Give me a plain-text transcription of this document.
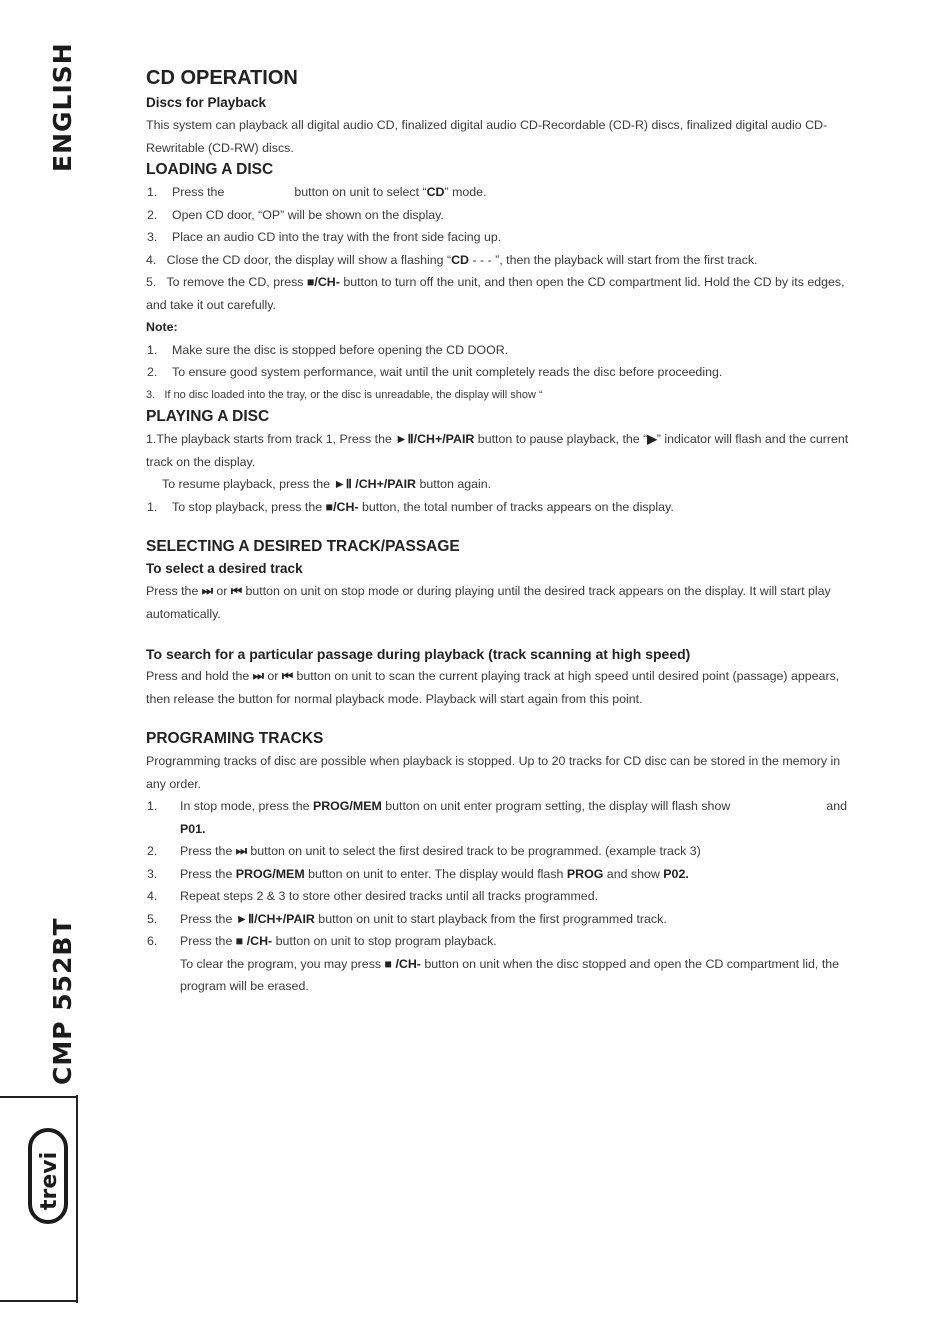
ENGLISH
CMP 552BT
trevi
CD OPERATION
Discs for Playback

This system can playback all digital audio CD, finalized digital audio CD-Recordable (CD-R) discs, finalized digital audio CD-Rewritable (CD-RW) discs.

LOADING A DISC
1. Press the	button on unit to select “CD” mode.
2. Open CD door, “OP” will be shown on the display.
3. Place an audio CD into the tray with the front side facing up.

4. Close the CD door, the display will show a flashing “CD - - - ”, then the playback will start from the first track.

5. To remove the CD, press ■/CH- button to turn off the unit, and then open the CD compartment lid. Hold the CD by its edges, and take it out carefully.

Note:

1. Make sure the disc is stopped before opening the CD DOOR.
2. To ensure good system performance, wait until the unit completely reads the disc before proceeding.

3. If no disc loaded into the tray, or the disc is unreadable, the display will show “

PLAYING A DISC

1.The playback starts from track 1, Press the ►Ⅱ/CH+/PAIR button to pause playback, the “▶” indicator will flash and the current track on the display.

To resume playback, press the ►Ⅱ /CH+/PAIR button again.

1. To stop playback, press the ■/CH- button, the total number of tracks appears on the display.
SELECTING A DESIRED TRACK/PASSAGE
To select a desired track

Press the ⏭ or ⏮ button on unit on stop mode or during playing until the desired track appears on the display. It will start play automatically.

To search for a particular passage during playback (track scanning at high speed)

Press and hold the ⏭ or ⏮ button on unit to scan the current playing track at high speed until desired point (passage) appears, then release the button for normal playback mode. Playback will start again from this point.

PROGRAMING TRACKS

Programming tracks of disc are possible when playback is stopped. Up to 20 tracks for CD disc can be stored in the memory in any order.

1. In stop mode, press the PROG/MEM button on unit enter program setting, the display will flash show	and P01.
2. Press the ⏭ button on unit to select the first desired track to be programmed. (example track 3)
3. Press the PROG/MEM button on unit to enter. The display would flash PROG and show P02.
4. Repeat steps 2 & 3 to store other desired tracks until all tracks programmed.
5. Press the ►Ⅱ/CH+/PAIR button on unit to start playback from the first programmed track.
6. Press the ■ /CH- button on unit to stop program playback.

To clear the program, you may press ■ /CH- button on unit when the disc stopped and open the CD compartment lid, the program will be erased.
